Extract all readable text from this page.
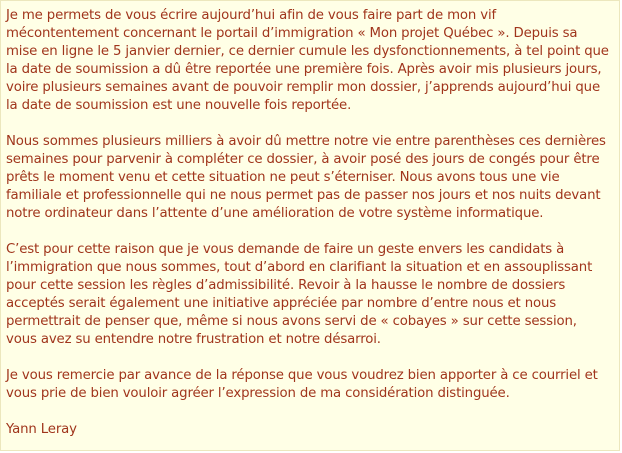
Je me permets de vous écrire aujourd’hui afin de vous faire part de mon vif mécontentement concernant le portail d’immigration « Mon projet Québec ». Depuis sa mise en ligne le 5 janvier dernier, ce dernier cumule les dysfonctionnements, à tel point que la date de soumission a dû être reportée une première fois. Après avoir mis plusieurs jours, voire plusieurs semaines avant de pouvoir remplir mon dossier, j’apprends aujourd’hui que la date de soumission est une nouvelle fois reportée.

Nous sommes plusieurs milliers à avoir dû mettre notre vie entre parenthèses ces dernières semaines pour parvenir à compléter ce dossier, à avoir posé des jours de congés pour être prêts le moment venu et cette situation ne peut s’éterniser. Nous avons tous une vie familiale et professionnelle qui ne nous permet pas de passer nos jours et nos nuits devant notre ordinateur dans l’attente d’une amélioration de votre système informatique.

C’est pour cette raison que je vous demande de faire un geste envers les candidats à l’immigration que nous sommes, tout d’abord en clarifiant la situation et en assouplissant pour cette session les règles d’admissibilité. Revoir à la hausse le nombre de dossiers acceptés serait également une initiative appréciée par nombre d’entre nous et nous permettrait de penser que, même si nous avons servi de « cobayes » sur cette session, vous avez su entendre notre frustration et notre désarroi.

Je vous remercie par avance de la réponse que vous voudrez bien apporter à ce courriel et vous prie de bien vouloir agréer l’expression de ma considération distinguée.

Yann Leray
